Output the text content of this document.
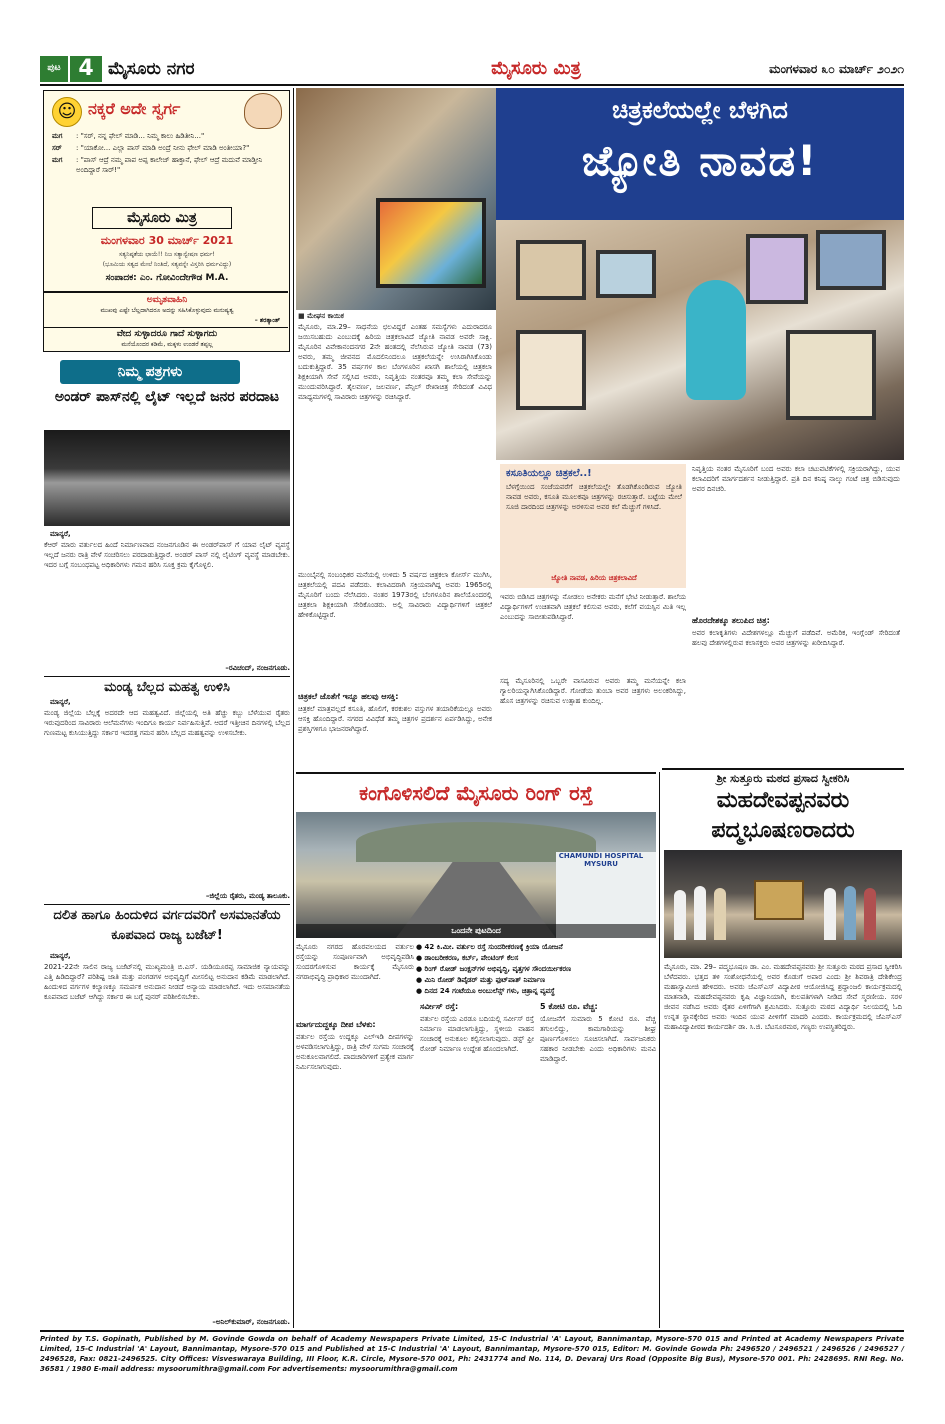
ಪುಟ 4 ಮೈಸೂರು ನಗರ	ಮೈಸೂರು ಮಿತ್ರ	ಮಂಗಳವಾರ ೩೦ ಮಾರ್ಚ್ ೨೦೨೧
☺ ನಕ್ಕರೆ ಅದೇ ಸ್ವರ್ಗ
ಮಗ	: "ಸರ್, ನನ್ನ ಫೇಲ್ ಮಾಡಿ... ನಿಮ್ಮ ಕಾಲು ಹಿಡಿತೀನಿ..."
ಸರ್	: "ಯಾಕೋ... ಎಲ್ಲಾ ಪಾಸ್ ಮಾಡಿ ಅಂದ್ರೆ ನೀನು ಫೇಲ್ ಮಾಡಿ ಅಂತೀಯಾ?"
ಮಗ	: "ಪಾಸ್ ಆದ್ರೆ ನಮ್ಮ ಪಾಪ ಅಪ್ಪ ಕಾಲೇಜ್ ಹಾಕ್ತಾನೆ, ಫೇಲ್ ಆದ್ರೆ ಮದುವೆ ಮಾಡ್ತೀನಿ ಅಂದಿದ್ದಾರೆ ಸಾರ್!"
ಮೈಸೂರು ಮಿತ್ರ
ಮಂಗಳವಾರ 30 ಮಾರ್ಚ್ 2021
ಸತ್ಯನಿಷ್ಠತೆಯ ಛಾಯೆ!! ನಿಜ ಸತ್ಯಾನ್ವೇಷಣ ಧರ್ಮ!
(ಭೂಮಿಯ ಸತ್ವದ ಮೇಲೆ ನಿಂತಿದೆ, ಸತ್ಯವನ್ನೇ ವಿಸ್ತರಿಸಿ ಧರ್ಮವಿದ್ದು)
ಸಂಪಾದಕ: ಎಂ. ಗೋವಿಂದೇಗೌಡ M.A.
ಅಮೃತವಾಹಿನಿ
ಮುಖವು ಎಷ್ಟೇ ಬೆಲ್ಲದಾಗಿದರೂ ಅದನ್ನು ಸಹಿಸಿಕೊಳ್ಳುವುದು ಮನುಷ್ಯತ್ವ
– ಶರತ್ಕಾಂತ್
ವೇದ ಸುಳ್ಳಾದರೂ ಗಾದೆ ಸುಳ್ಳಾಗದು
ಮನೆಯೊಂದರ ಕಡಿಮೆ, ಮಕ್ಕಳು ಉಂಡರೆ ತಪ್ಪಲ್ಲ
ನಿಮ್ಮ ಪತ್ರಗಳು
ಅಂಡರ್ ಪಾಸ್‌ನಲ್ಲಿ ಲೈಟ್ ಇಲ್ಲದೆ ಜನರ ಪರದಾಟ
ಮಾನ್ಯರೆ,
ಕೆಆರ್ ಮಾರು ವರ್ತುಲದ ಹಿಂದೆ ನಿರ್ಮಾಣವಾದ ನಂಜನಗೂಡಿನ ಈ ಅಂಡರ್‌ಪಾಸ್ ಗೆ ಯಾವ ಲೈಟ್ ವ್ಯವಸ್ಥೆ ಇಲ್ಲದೆ ಜನರು ರಾತ್ರಿ ವೇಳೆ ಸಂಚರಿಸಲು ಪರದಾಡುತ್ತಿದ್ದಾರೆ. ಅಂಡರ್ ಪಾಸ್ ನಲ್ಲಿ ಲೈಟಿಂಗ್ ವ್ಯವಸ್ಥೆ ಮಾಡಬೇಕು. ಇದರ ಬಗ್ಗೆ ಸಂಬಂಧಪಟ್ಟ ಅಧಿಕಾರಿಗಳು ಗಮನ ಹರಿಸಿ ಸೂಕ್ತ ಕ್ರಮ ಕೈಗೊಳ್ಳಲಿ.
–ರವಿಚಂದ್, ನಂಜನಗೂಡು.
ಮಂಡ್ಯ ಬೆಲ್ಲದ ಮಹತ್ವ ಉಳಿಸಿ
ಮಾನ್ಯರೆ,
ಮಂಡ್ಯ ಜಿಲ್ಲೆಯ ಬೆಲ್ಲಕ್ಕೆ ಅದರದೇ ಆದ ಮಹತ್ವವಿದೆ. ಜಿಲ್ಲೆಯಲ್ಲಿ ಅತಿ ಹೆಚ್ಚು ಕಬ್ಬು ಬೆಳೆಯುವ ರೈತರು ಇರುವುದರಿಂದ ಸಾವಿರಾರು ಆಲೆಮನೆಗಳು ಇಂದಿಗೂ ಕಾರ್ಯ ನಿರ್ವಹಿಸುತ್ತಿವೆ. ಆದರೆ ಇತ್ತೀಚಿನ ದಿನಗಳಲ್ಲಿ ಬೆಲ್ಲದ ಗುಣಮಟ್ಟ ಕುಸಿಯುತ್ತಿದ್ದು ಸರ್ಕಾರ ಇದರತ್ತ ಗಮನ ಹರಿಸಿ ಬೆಲ್ಲದ ಮಹತ್ವವನ್ನು ಉಳಿಸಬೇಕು.
–ಜಿಲ್ಲೆಯ ರೈತರು, ಮಂಡ್ಯ ತಾಲೂಕು.
ದಲಿತ ಹಾಗೂ ಹಿಂದುಳಿದ ವರ್ಗದವರಿಗೆ ಅಸಮಾನತೆಯ ಕೂಪವಾದ ರಾಜ್ಯ ಬಜೆಟ್!
ಮಾನ್ಯರೆ,
2021-22ನೇ ಸಾಲಿನ ರಾಜ್ಯ ಬಜೆಟ್‌ನಲ್ಲಿ ಮುಖ್ಯಮಂತ್ರಿ ಬಿ.ಎಸ್. ಯಡಿಯೂರಪ್ಪ ಸಾಮಾಜಿಕ ನ್ಯಾಯವನ್ನು ಎತ್ತಿ ಹಿಡಿದಿದ್ದಾರೆ? ಪರಿಶಿಷ್ಟ ಜಾತಿ ಮತ್ತು ಪಂಗಡಗಳ ಅಭಿವೃದ್ಧಿಗೆ ಮೀಸಲಿಟ್ಟ ಅನುದಾನ ಕಡಿಮೆ ಮಾಡಲಾಗಿದೆ. ಹಿಂದುಳಿದ ವರ್ಗಗಳ ಕಲ್ಯಾಣಕ್ಕೂ ಸಮರ್ಪಕ ಅನುದಾನ ನೀಡದೆ ಅನ್ಯಾಯ ಮಾಡಲಾಗಿದೆ. ಇದು ಅಸಮಾನತೆಯ ಕೂಪವಾದ ಬಜೆಟ್ ಆಗಿದ್ದು ಸರ್ಕಾರ ಈ ಬಗ್ಗೆ ಪುನರ್ ಪರಿಶೀಲಿಸಬೇಕು.
–ಅನಿಲ್‌ಕುಮಾರ್, ನಂಜನಗೂಡು.
ಚಿತ್ರಕಲೆಯಲ್ಲೇ ಬೆಳಗಿದ
ಜ್ಯೋತಿ ನಾವಡ!
■ ಮೇಘನ ಕಾಯಿಕ
ಮೈಸೂರು, ಮಾ.29– ಸಾಧನೆಯ ಛಲವಿದ್ದರೆ ಎಂತಹ ಸಮಸ್ಯೆಗಳು ಎದುರಾದರೂ ಜಯಿಸಬಹುದು ಎಂಬುದಕ್ಕೆ ಹಿರಿಯ ಚಿತ್ರಕಲಾವಿದೆ ಜ್ಯೋತಿ ನಾವಡ ಅವರೇ ಸಾಕ್ಷಿ. ಮೈಸೂರಿನ ವಿವೇಕಾನಂದನಗರ 2ನೇ ಹಂತದಲ್ಲಿ ನೆಲೆಸಿರುವ ಜ್ಯೋತಿ ನಾವಡ (73) ಅವರು, ತಮ್ಮ ಜೀವನದ ಮೊದಲಿನಿಂದಲೂ ಚಿತ್ರಕಲೆಯನ್ನೇ ಉಸಿರಾಗಿಸಿಕೊಂಡು ಬದುಕುತ್ತಿದ್ದಾರೆ. 35 ವರ್ಷಗಳ ಕಾಲ ಬೆಂಗಳೂರಿನ ಖಾಸಗಿ ಶಾಲೆಯಲ್ಲಿ ಚಿತ್ರಕಲಾ ಶಿಕ್ಷಕಿಯಾಗಿ ಸೇವೆ ಸಲ್ಲಿಸಿದ ಅವರು, ನಿವೃತ್ತಿಯ ನಂತರವೂ ತಮ್ಮ ಕಲಾ ಸೇವೆಯನ್ನು ಮುಂದುವರಿಸಿದ್ದಾರೆ. ತೈಲವರ್ಣ, ಜಲವರ್ಣ, ಪೆನ್ಸಿಲ್ ರೇಖಾಚಿತ್ರ ಸೇರಿದಂತೆ ವಿವಿಧ ಮಾಧ್ಯಮಗಳಲ್ಲಿ ಸಾವಿರಾರು ಚಿತ್ರಗಳನ್ನು ರಚಿಸಿದ್ದಾರೆ.
ಮುಂಬೈನಲ್ಲಿ ಸಂಬಂಧಿಕರ ಮನೆಯಲ್ಲಿ ಉಳಿದು 5 ವರ್ಷದ ಚಿತ್ರಕಲಾ ಕೋರ್ಸ್ ಮುಗಿಸಿ, ಚಿತ್ರಕಲೆಯಲ್ಲಿ ಪದವಿ ಪಡೆದರು. ಕಲಾವಿದರಾಗಿ ಸಕ್ರಿಯವಾಗಿದ್ದ ಅವರು 1965ರಲ್ಲಿ ಮೈಸೂರಿಗೆ ಬಂದು ನೆಲೆಸಿದರು. ನಂತರ 1973ರಲ್ಲಿ ಬೆಂಗಳೂರಿನ ಶಾಲೆಯೊಂದರಲ್ಲಿ ಚಿತ್ರಕಲಾ ಶಿಕ್ಷಕಿಯಾಗಿ ಸೇರಿಕೊಂಡರು. ಅಲ್ಲಿ ಸಾವಿರಾರು ವಿದ್ಯಾರ್ಥಿಗಳಿಗೆ ಚಿತ್ರಕಲೆ ಹೇಳಿಕೊಟ್ಟಿದ್ದಾರೆ.
ಚಿತ್ರಕಲೆ ಜೊತೆಗೆ ಇನ್ನೂ ಹಲವು ಆಸಕ್ತಿ:
ಚಿತ್ರಕಲೆ ಮಾತ್ರವಲ್ಲದೆ ಕಸೂತಿ, ಹೊಲಿಗೆ, ಕರಕುಶಲ ವಸ್ತುಗಳ ತಯಾರಿಕೆಯಲ್ಲೂ ಅವರು ಆಸಕ್ತಿ ಹೊಂದಿದ್ದಾರೆ. ನಗರದ ವಿವಿಧೆಡೆ ತಮ್ಮ ಚಿತ್ರಗಳ ಪ್ರದರ್ಶನ ಏರ್ಪಡಿಸಿದ್ದು, ಅನೇಕ ಪ್ರಶಸ್ತಿಗಳಿಗೂ ಭಾಜನರಾಗಿದ್ದಾರೆ.
ಕಸೂತಿಯಲ್ಲೂ ಚಿತ್ರಕಲೆ..!
ಬೆಳಗ್ಗೆಯಿಂದ ಸಂಜೆಯವರೆಗೆ ಚಿತ್ರಕಲೆಯಲ್ಲೇ ತೊಡಗಿಕೊಂಡಿರುವ ಜ್ಯೋತಿ ನಾವಡ ಅವರು, ಕಸೂತಿ ಮೂಲಕವೂ ಚಿತ್ರಗಳನ್ನು ರಚಿಸುತ್ತಾರೆ. ಬಟ್ಟೆಯ ಮೇಲೆ ಸೂಜಿ ದಾರದಿಂದ ಚಿತ್ರಗಳನ್ನು ಅರಳಿಸುವ ಅವರ ಕಲೆ ಮೆಚ್ಚುಗೆ ಗಳಿಸಿದೆ.
ಜ್ಯೋತಿ ನಾವಡ, ಹಿರಿಯ ಚಿತ್ರಕಲಾವಿದೆ
ಇವರು ಬಿಡಿಸಿದ ಚಿತ್ರಗಳನ್ನು ನೋಡಲು ಅನೇಕರು ಮನೆಗೆ ಭೇಟಿ ನೀಡುತ್ತಾರೆ. ಶಾಲೆಯ ವಿದ್ಯಾರ್ಥಿಗಳಿಗೆ ಉಚಿತವಾಗಿ ಚಿತ್ರಕಲೆ ಕಲಿಸುವ ಅವರು, ಕಲೆಗೆ ವಯಸ್ಸಿನ ಮಿತಿ ಇಲ್ಲ ಎಂಬುದನ್ನು ಸಾಬೀತುಪಡಿಸಿದ್ದಾರೆ.
ಸದ್ಯ ಮೈಸೂರಿನಲ್ಲಿ ಒಬ್ಬರೇ ವಾಸವಿರುವ ಅವರು ತಮ್ಮ ಮನೆಯನ್ನೇ ಕಲಾ ಗ್ಯಾಲರಿಯನ್ನಾಗಿಸಿಕೊಂಡಿದ್ದಾರೆ. ಗೋಡೆಯ ತುಂಬಾ ಅವರ ಚಿತ್ರಗಳು ಅಲಂಕರಿಸಿದ್ದು, ಹೊಸ ಚಿತ್ರಗಳನ್ನು ರಚಿಸುವ ಉತ್ಸಾಹ ಕುಂದಿಲ್ಲ.
ನಿವೃತ್ತಿಯ ನಂತರ ಮೈಸೂರಿಗೆ ಬಂದ ಅವರು ಕಲಾ ಚಟುವಟಿಕೆಗಳಲ್ಲಿ ಸಕ್ರಿಯರಾಗಿದ್ದು, ಯುವ ಕಲಾವಿದರಿಗೆ ಮಾರ್ಗದರ್ಶನ ನೀಡುತ್ತಿದ್ದಾರೆ. ಪ್ರತಿ ದಿನ ಕನಿಷ್ಠ ನಾಲ್ಕು ಗಂಟೆ ಚಿತ್ರ ಬಿಡಿಸುವುದು ಅವರ ದಿನಚರಿ.
ಹೊರದೇಶಕ್ಕೂ ತಲುಪಿದ ಚಿತ್ರ:
ಅವರ ಕಲಾಕೃತಿಗಳು ವಿದೇಶಗಳಲ್ಲೂ ಮೆಚ್ಚುಗೆ ಪಡೆದಿವೆ. ಅಮೆರಿಕ, ಇಂಗ್ಲೆಂಡ್ ಸೇರಿದಂತೆ ಹಲವು ದೇಶಗಳಲ್ಲಿರುವ ಕಲಾಸಕ್ತರು ಅವರ ಚಿತ್ರಗಳನ್ನು ಖರೀದಿಸಿದ್ದಾರೆ.
ಕಂಗೊಳಿಸಲಿದೆ ಮೈಸೂರು ರಿಂಗ್ ರಸ್ತೆ
CHAMUNDI HOSPITAL MYSURU
ಒಂದನೇ ಪುಟದಿಂದ
ಮೈಸೂರು ನಗರದ ಹೊರವಲಯದ ವರ್ತುಲ ರಸ್ತೆಯನ್ನು ಸಂಪೂರ್ಣವಾಗಿ ಅಭಿವೃದ್ಧಿಪಡಿಸಿ ಸುಂದರಗೊಳಿಸುವ ಕಾರ್ಯಕ್ಕೆ ಮೈಸೂರು ನಗರಾಭಿವೃದ್ಧಿ ಪ್ರಾಧಿಕಾರ ಮುಂದಾಗಿದೆ.
● 42 ಕಿ.ಮೀ. ವರ್ತುಲ ರಸ್ತೆ ಸುಂದರೀಕರಣಕ್ಕೆ ಕ್ರಿಯಾ ಯೋಜನೆ
● ಡಾಂಬರೀಕರಣ, ಕರ್ಬ್, ಪೇಂಟಿಂಗ್ ಕೆಲಸ
● ರಿಂಗ್ ರೋಡ್ ಜಂಕ್ಷನ್‌ಗಳ ಅಭಿವೃದ್ಧಿ, ವೃತ್ತಗಳ ಸೌಂದರ್ಯೀಕರಣ
● ಮಿನಿ ರೋಡ್ ಡಿವೈಡರ್ ಮತ್ತು ಫುಟ್‌ಪಾತ್ ನಿರ್ಮಾಣ
● ದಿನದ 24 ಗಂಟೆಯೂ ಅಂಬುಲೆನ್ಸ್ ಗಳು, ಚಿತ್ರಾನ್ನ ವ್ಯವಸ್ಥೆ
ಮಾರ್ಗದುದ್ದಕ್ಕೂ ದೀಪ ಬೆಳಕು:
ವರ್ತುಲ ರಸ್ತೆಯ ಉದ್ದಕ್ಕೂ ಎಲ್‌ಇಡಿ ದೀಪಗಳನ್ನು ಅಳವಡಿಸಲಾಗುತ್ತಿದ್ದು, ರಾತ್ರಿ ವೇಳೆ ಸುಗಮ ಸಂಚಾರಕ್ಕೆ ಅನುಕೂಲವಾಗಲಿದೆ. ಪಾದಚಾರಿಗಳಿಗೆ ಪ್ರತ್ಯೇಕ ಮಾರ್ಗ ನಿರ್ಮಿಸಲಾಗುವುದು.
ಸರ್ವೀಸ್ ರಸ್ತೆ:
ವರ್ತುಲ ರಸ್ತೆಯ ಎರಡೂ ಬದಿಯಲ್ಲಿ ಸರ್ವೀಸ್ ರಸ್ತೆ ನಿರ್ಮಾಣ ಮಾಡಲಾಗುತ್ತಿದ್ದು, ಸ್ಥಳೀಯ ವಾಹನ ಸಂಚಾರಕ್ಕೆ ಅನುಕೂಲ ಕಲ್ಪಿಸಲಾಗುವುದು. ಡಸ್ಟ್ ಫ್ರೀ ರೋಡ್ ನಿರ್ಮಾಣ ಉದ್ದೇಶ ಹೊಂದಲಾಗಿದೆ.
5 ಕೋಟಿ ರೂ. ವೆಚ್ಚ:
ಯೋಜನೆಗೆ ಸುಮಾರು 5 ಕೋಟಿ ರೂ. ವೆಚ್ಚ ತಗುಲಲಿದ್ದು, ಕಾಮಗಾರಿಯನ್ನು ಶೀಘ್ರ ಪೂರ್ಣಗೊಳಿಸಲು ಸೂಚಿಸಲಾಗಿದೆ. ಸಾರ್ವಜನಿಕರು ಸಹಕಾರ ನೀಡಬೇಕು ಎಂದು ಅಧಿಕಾರಿಗಳು ಮನವಿ ಮಾಡಿದ್ದಾರೆ.
ಶ್ರೀ ಸುತ್ತೂರು ಮಠದ ಪ್ರಸಾದ ಸ್ವೀಕರಿಸಿ
ಮಹದೇವಪ್ಪನವರು
ಪದ್ಮಭೂಷಣರಾದರು
ಮೈಸೂರು, ಮಾ. 29– ಪದ್ಮಭೂಷಣ ಡಾ. ಎಂ. ಮಹದೇವಪ್ಪನವರು ಶ್ರೀ ಸುತ್ತೂರು ಮಠದ ಪ್ರಸಾದ ಸ್ವೀಕರಿಸಿ ಬೆಳೆದವರು. ಭತ್ತದ ತಳಿ ಸಂಶೋಧನೆಯಲ್ಲಿ ಅವರ ಕೊಡುಗೆ ಅಪಾರ ಎಂದು ಶ್ರೀ ಶಿವರಾತ್ರಿ ದೇಶಿಕೇಂದ್ರ ಮಹಾಸ್ವಾಮೀಜಿ ಹೇಳಿದರು. ಅವರು ಜೆಎಸ್‌ಎಸ್ ವಿದ್ಯಾಪೀಠ ಆಯೋಜಿಸಿದ್ದ ಶ್ರದ್ಧಾಂಜಲಿ ಕಾರ್ಯಕ್ರಮದಲ್ಲಿ ಮಾತನಾಡಿ, ಮಹದೇವಪ್ಪನವರು ಕೃಷಿ ವಿಜ್ಞಾನಿಯಾಗಿ, ಕುಲಪತಿಗಳಾಗಿ ನೀಡಿದ ಸೇವೆ ಸ್ಮರಣೀಯ. ಸರಳ ಜೀವನ ನಡೆಸಿದ ಅವರು ರೈತರ ಏಳಿಗೆಗಾಗಿ ಶ್ರಮಿಸಿದರು. ಸುತ್ತೂರು ಮಠದ ವಿದ್ಯಾರ್ಥಿ ನಿಲಯದಲ್ಲಿ ಓದಿ ಉನ್ನತ ಸ್ಥಾನಕ್ಕೇರಿದ ಅವರು ಇಂದಿನ ಯುವ ಪೀಳಿಗೆಗೆ ಮಾದರಿ ಎಂದರು. ಕಾರ್ಯಕ್ರಮದಲ್ಲಿ ಜೆಎಸ್‌ಎಸ್ ಮಹಾವಿದ್ಯಾಪೀಠದ ಕಾರ್ಯದರ್ಶಿ ಡಾ. ಸಿ.ಜಿ. ಬೆಟಸೂರಮಠ, ಗಣ್ಯರು ಉಪಸ್ಥಿತರಿದ್ದರು.
Printed by T.S. Gopinath, Published by M. Govinde Gowda on behalf of Academy Newspapers Private Limited, 15-C Industrial 'A' Layout, Bannimantap, Mysore-570 015 and Printed at Academy Newspapers Private Limited, 15-C Industrial 'A' Layout, Bannimantap, Mysore-570 015 and Published at 15-C Industrial 'A' Layout, Bannimantap, Mysore-570 015, Editor: M. Govinde Gowda Ph: 2496520 / 2496521 / 2496526 / 2496527 / 2496528, Fax: 0821-2496525. City Offices: Visveswaraya Building, III Floor, K.R. Circle, Mysore-570 001, Ph: 2431774 and No. 114, D. Devaraj Urs Road (Opposite Big Bus), Mysore-570 001. Ph: 2428695. RNI Reg. No. 36581 / 1980 E-mail address: mysoorumithra@gmail.com For advertisements: mysoorumithra@gmail.com
